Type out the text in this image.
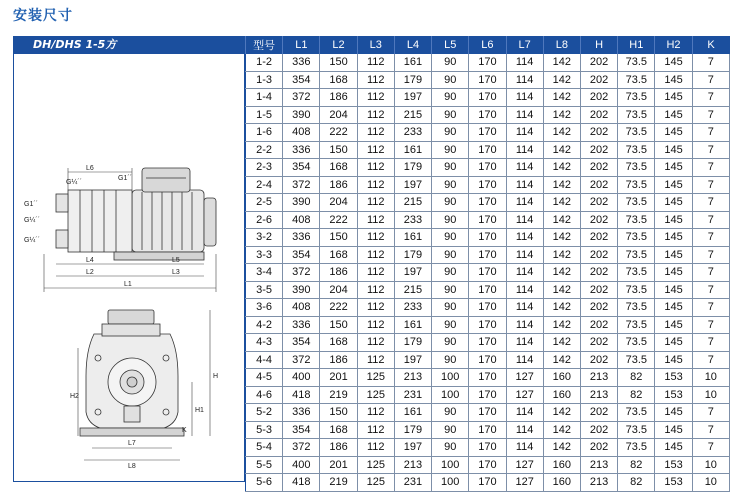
安装尺寸
DH/DHS 1-5方
L6
G1´´
G¼´´
G1´´
G¼´´
G¼´´
L4	L5
L2	L3
L1
H2
H
H1
K
L7
L8
型号	L1	L2	L3	L4	L5	L6	L7	L8	H	H1	H2	K
1-2	336	150	112	161	90	170	114	142	202	73.5	145	7
1-3	354	168	112	179	90	170	114	142	202	73.5	145	7
1-4	372	186	112	197	90	170	114	142	202	73.5	145	7
1-5	390	204	112	215	90	170	114	142	202	73.5	145	7
1-6	408	222	112	233	90	170	114	142	202	73.5	145	7
2-2	336	150	112	161	90	170	114	142	202	73.5	145	7
2-3	354	168	112	179	90	170	114	142	202	73.5	145	7
2-4	372	186	112	197	90	170	114	142	202	73.5	145	7
2-5	390	204	112	215	90	170	114	142	202	73.5	145	7
2-6	408	222	112	233	90	170	114	142	202	73.5	145	7
3-2	336	150	112	161	90	170	114	142	202	73.5	145	7
3-3	354	168	112	179	90	170	114	142	202	73.5	145	7
3-4	372	186	112	197	90	170	114	142	202	73.5	145	7
3-5	390	204	112	215	90	170	114	142	202	73.5	145	7
3-6	408	222	112	233	90	170	114	142	202	73.5	145	7
4-2	336	150	112	161	90	170	114	142	202	73.5	145	7
4-3	354	168	112	179	90	170	114	142	202	73.5	145	7
4-4	372	186	112	197	90	170	114	142	202	73.5	145	7
4-5	400	201	125	213	100	170	127	160	213	82	153	10
4-6	418	219	125	231	100	170	127	160	213	82	153	10
5-2	336	150	112	161	90	170	114	142	202	73.5	145	7
5-3	354	168	112	179	90	170	114	142	202	73.5	145	7
5-4	372	186	112	197	90	170	114	142	202	73.5	145	7
5-5	400	201	125	213	100	170	127	160	213	82	153	10
5-6	418	219	125	231	100	170	127	160	213	82	153	10
